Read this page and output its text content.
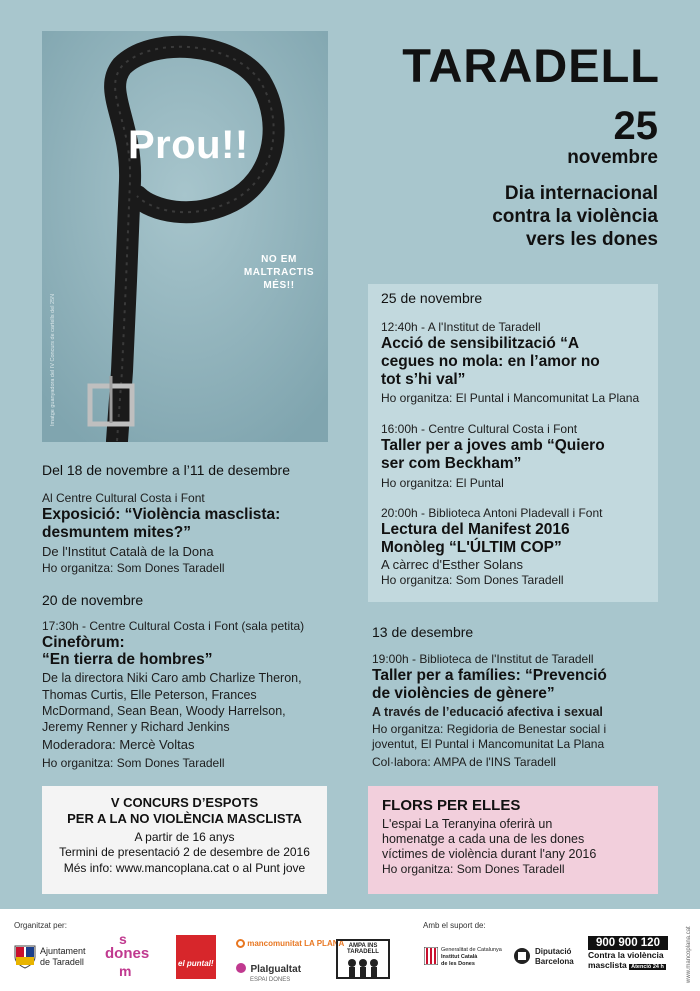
Prou!!
NO EM
MALTRACTIS
MÉS!!
Imatge guanyadora del IV Concurs de cartells del 25N
TARADELL
25
novembre
Dia internacional
contra la violència
vers les dones
Del 18 de novembre a l’11 de desembre
Al Centre Cultural Costa i Font
Exposició: “Violència masclista:
desmuntem mites?”
De l'Institut Català de la Dona
Ho organitza: Som Dones Taradell
20 de novembre
17:30h - Centre Cultural Costa i Font (sala petita)
Cinefòrum:
“En tierra de hombres”
De la directora Niki Caro amb Charlize Theron,
Thomas Curtis, Elle Peterson, Frances
McDormand, Sean Bean, Woody Harrelson,
Jeremy Renner y Richard Jenkins
Moderadora: Mercè Voltas
Ho organitza: Som Dones Taradell
25 de novembre
12:40h - A l'Institut de Taradell
Acció de sensibilització “A
cegues no mola: en l’amor no
tot s’hi val”
Ho organitza: El Puntal i Mancomunitat La Plana
16:00h - Centre Cultural Costa i Font
Taller per a joves amb “Quiero
ser com Beckham”
Ho organitza: El Puntal
20:00h - Biblioteca Antoni Pladevall i Font
Lectura del Manifest 2016
Monòleg “L'ÚLTIM COP”
A càrrec d'Esther Solans
Ho organitza: Som Dones Taradell
13 de desembre
19:00h - Biblioteca de l'Institut de Taradell
Taller per a famílies: “Prevenció
de violències de gènere”
A través de l’educació afectiva i sexual
Ho organitza: Regidoria de Benestar social i
joventut, El Puntal i Mancomunitat La Plana
Col·labora: AMPA de l'INS Taradell
V CONCURS D’ESPOTS
PER A LA NO VIOLÈNCIA MASCLISTA
A partir de 16 anys
Termini de presentació 2 de desembre de 2016
Més info: www.mancoplana.cat o al Punt jove
FLORS PER ELLES
L'espai La Teranyina oferirà un
homenatge a cada una de les dones
víctimes de violència durant l'any 2016
Ho organitza: Som Dones Taradell
Organitzat per:	Amb el suport de:
Ajuntament
de Taradell
s
dones
m	el puntal!
mancomunitat LA PLANA
PlaIgualtat
ESPAI DONES
AMPA INS TARADELL	Generalitat de Catalunya
Institut Català
de les Dones
Diputació
Barcelona
900 900 120
Contra la violència
masclista Atenció 24 h	www.mancoplana.cat
